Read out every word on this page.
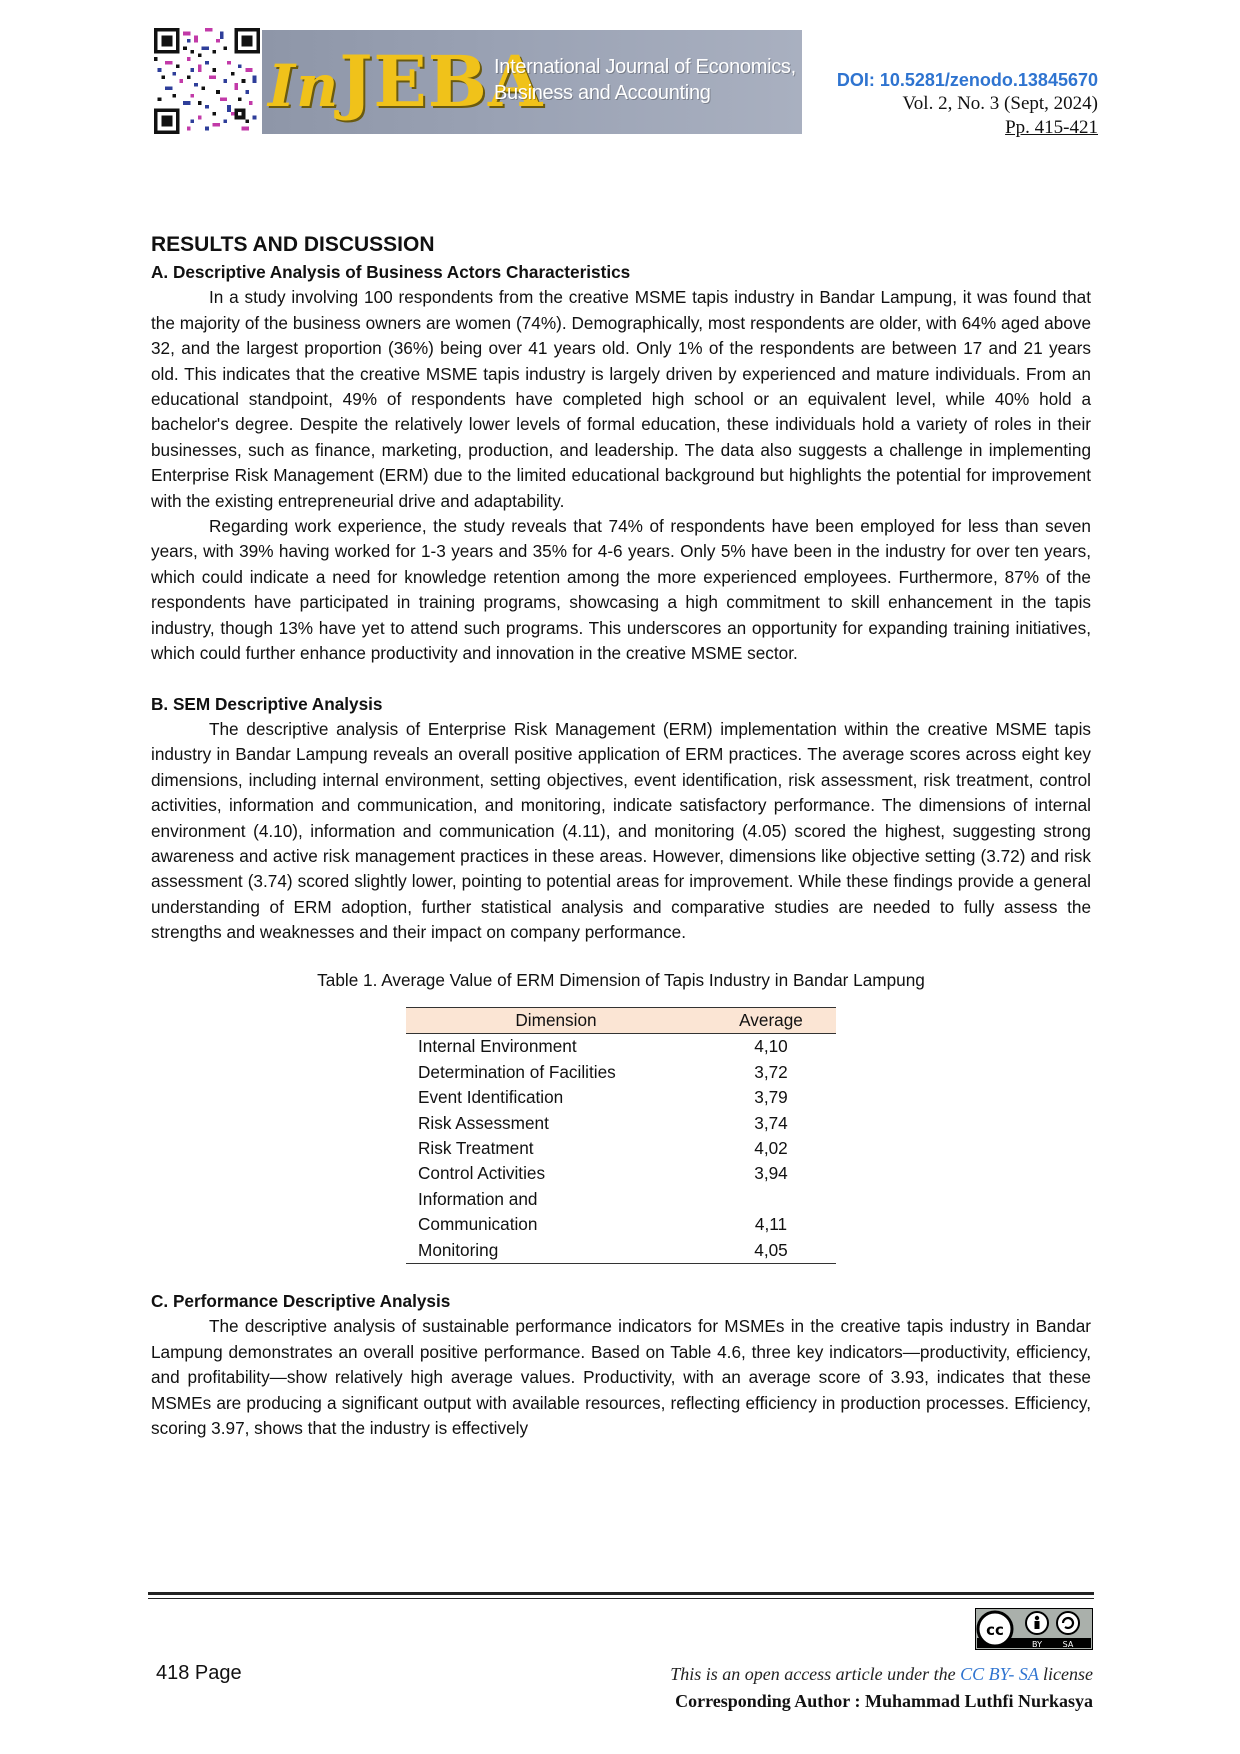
InJEBA
International Journal of Economics,
Business and Accounting
DOI: 10.5281/zenodo.13845670
Vol. 2, No. 3 (Sept, 2024)
Pp. 415-421
RESULTS AND DISCUSSION
A. Descriptive Analysis of Business Actors Characteristics

In a study involving 100 respondents from the creative MSME tapis industry in Bandar Lampung, it was found that the majority of the business owners are women (74%). Demographically, most respondents are older, with 64% aged above 32, and the largest proportion (36%) being over 41 years old. Only 1% of the respondents are between 17 and 21 years old. This indicates that the creative MSME tapis industry is largely driven by experienced and mature individuals. From an educational standpoint, 49% of respondents have completed high school or an equivalent level, while 40% hold a bachelor's degree. Despite the relatively lower levels of formal education, these individuals hold a variety of roles in their businesses, such as finance, marketing, production, and leadership. The data also suggests a challenge in implementing Enterprise Risk Management (ERM) due to the limited educational background but highlights the potential for improvement with the existing entrepreneurial drive and adaptability.

Regarding work experience, the study reveals that 74% of respondents have been employed for less than seven years, with 39% having worked for 1-3 years and 35% for 4-6 years. Only 5% have been in the industry for over ten years, which could indicate a need for knowledge retention among the more experienced employees. Furthermore, 87% of the respondents have participated in training programs, showcasing a high commitment to skill enhancement in the tapis industry, though 13% have yet to attend such programs. This underscores an opportunity for expanding training initiatives, which could further enhance productivity and innovation in the creative MSME sector.

B. SEM Descriptive Analysis

The descriptive analysis of Enterprise Risk Management (ERM) implementation within the creative MSME tapis industry in Bandar Lampung reveals an overall positive application of ERM practices. The average scores across eight key dimensions, including internal environment, setting objectives, event identification, risk assessment, risk treatment, control activities, information and communication, and monitoring, indicate satisfactory performance. The dimensions of internal environment (4.10), information and communication (4.11), and monitoring (4.05) scored the highest, suggesting strong awareness and active risk management practices in these areas. However, dimensions like objective setting (3.72) and risk assessment (3.74) scored slightly lower, pointing to potential areas for improvement. While these findings provide a general understanding of ERM adoption, further statistical analysis and comparative studies are needed to fully assess the strengths and weaknesses and their impact on company performance.

Table 1. Average Value of ERM Dimension of Tapis Industry in Bandar Lampung
Dimension	Average
Internal Environment	4,10
Determination of Facilities	3,72
Event Identification	3,79
Risk Assessment	3,74
Risk Treatment	4,02
Control Activities	3,94

Information and
Communication	4,11
Monitoring	4,05
C. Performance Descriptive Analysis

The descriptive analysis of sustainable performance indicators for MSMEs in the creative tapis industry in Bandar Lampung demonstrates an overall positive performance. Based on Table 4.6, three key indicators—productivity, efficiency, and profitability—show relatively high average values. Productivity, with an average score of 3.93, indicates that these MSMEs are producing a significant output with available resources, reflecting efficiency in production processes. Efficiency, scoring 3.97, shows that the industry is effectively

cc
BY	SA
418 Page	This is an open access article under the CC BY- SA license
Corresponding Author : Muhammad Luthfi Nurkasya
